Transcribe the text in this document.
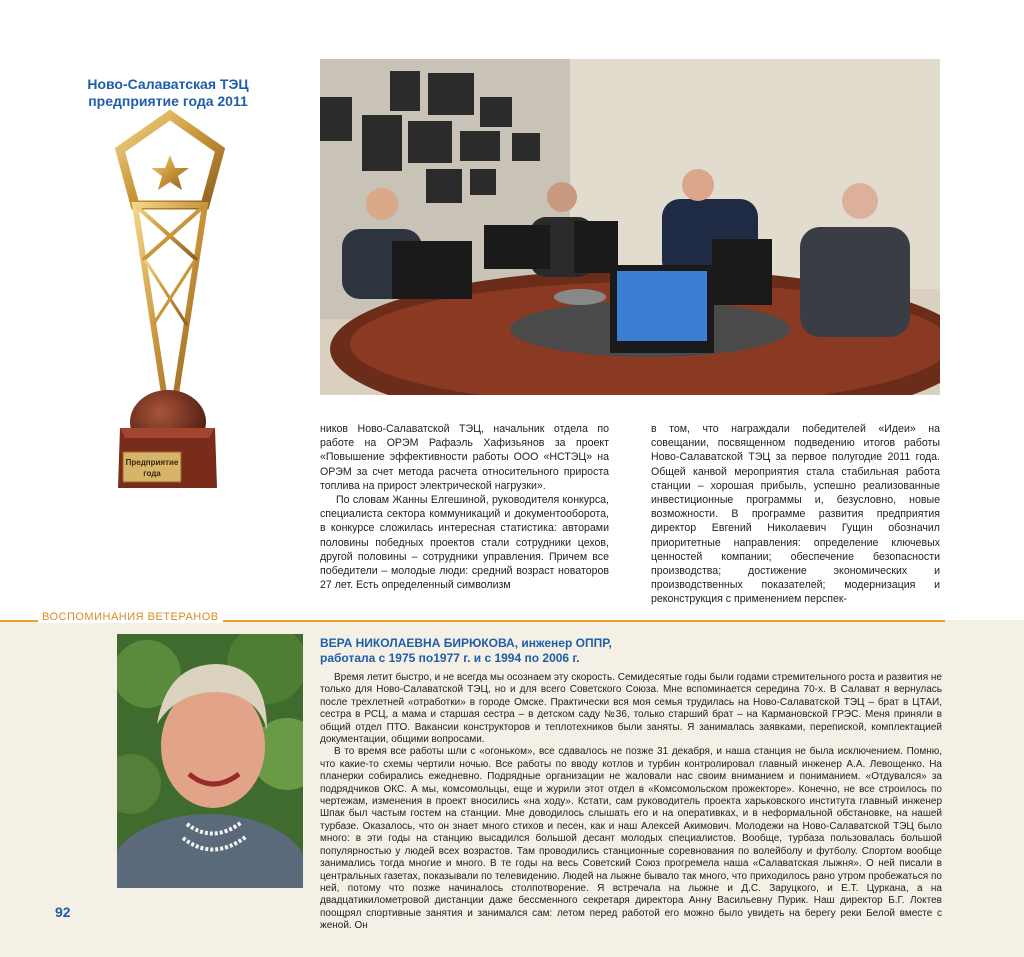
Ново-Салаватская ТЭЦ
предприятие года 2011
Предприятие
года

ников Ново-Салаватской ТЭЦ, начальник отдела по работе на ОРЭМ Рафаэль Хафизьянов за проект «Повышение эффективности работы ООО «НСТЭЦ» на ОРЭМ за счет метода расчета относительного прироста топлива на прирост электрической нагрузки».

По словам Жанны Елгешиной, руководителя конкурса, специалиста сектора коммуникаций и документооборота, в конкурсе сложилась интересная статистика: авторами половины победных проектов стали сотрудники цехов, другой половины – сотрудники управления. Причем все победители – молодые люди: средний возраст новаторов 27 лет. Есть определенный символизм

в том, что награждали победителей «Идеи» на совещании, посвященном подведению итогов работы Ново-Салаватской ТЭЦ за первое полугодие 2011 года. Общей канвой мероприятия стала стабильная работа станции – хорошая прибыль, успешно реализованные инвестиционные программы и, безусловно, новые возможности. В программе развития предприятия директор Евгений Николаевич Гущин обозначил приоритетные направления: определение ключевых ценностей компании; обеспечение безопасности производства; достижение экономических и производственных показателей; модернизация и реконструкция с применением перспек-

ВОСПОМИНАНИЯ ВЕТЕРАНОВ
ВЕРА НИКОЛАЕВНА БИРЮКОВА, инженер ОППР,
работала с 1975 по1977 г. и с 1994 по 2006 г.

Время летит быстро, и не всегда мы осознаем эту скорость. Семидесятые годы были годами стремительного роста и развития не только для Ново-Салаватской ТЭЦ, но и для всего Советского Союза. Мне вспоминается середина 70-х. В Салават я вернулась после трехлетней «отработки» в городе Омске. Практически вся моя семья трудилась на Ново-Салаватской ТЭЦ – брат в ЦТАИ, сестра в РСЦ, а мама и старшая сестра – в детском саду №36, только старший брат – на Кармановской ГРЭС. Меня приняли в общий отдел ПТО. Вакансии конструкторов и теплотехников были заняты. Я занималась заявками, перепиской, комплектацией документации, общими вопросами.

В то время все работы шли с «огоньком», все сдавалось не позже 31 декабря, и наша станция не была исключением. Помню, что какие-то схемы чертили ночью. Все работы по вводу котлов и турбин контролировал главный инженер А.А. Левощенко. На планерки собирались ежедневно. Подрядные организации не жаловали нас своим вниманием и пониманием. «Отдувался» за подрядчиков ОКС. А мы, комсомольцы, еще и журили этот отдел в «Комсомольском прожекторе». Конечно, не все строилось по чертежам, изменения в проект вносились «на ходу». Кстати, сам руководитель проекта харьковского института главный инженер Шпак был частым гостем на станции. Мне доводилось слышать его и на оперативках, и в неформальной обстановке, на нашей турбазе. Оказалось, что он знает много стихов и песен, как и наш Алексей Акимович. Молодежи на Ново-Салаватской ТЭЦ было много: в эти годы на станцию высадился большой десант молодых специалистов. Вообще, турбаза пользовалась большой популярностью у людей всех возрастов. Там проводились станционные соревнования по волейболу и футболу. Спортом вообще занимались тогда многие и много. В те годы на весь Советский Союз прогремела наша «Салаватская лыжня». О ней писали в центральных газетах, показывали по телевидению. Людей на лыжне бывало так много, что приходилось рано утром пробежаться по ней, потому что позже начиналось столпотворение. Я встречала на лыжне и Д.С. Заруцкого, и Е.Т. Цуркана, а на двадцатикилометровой дистанции даже бессменного секретаря директора Анну Васильевну Пурик. Наш директор Б.Г. Локтев поощрял спортивные занятия и занимался сам: летом перед работой его можно было увидеть на берегу реки Белой вместе с женой. Он

92
